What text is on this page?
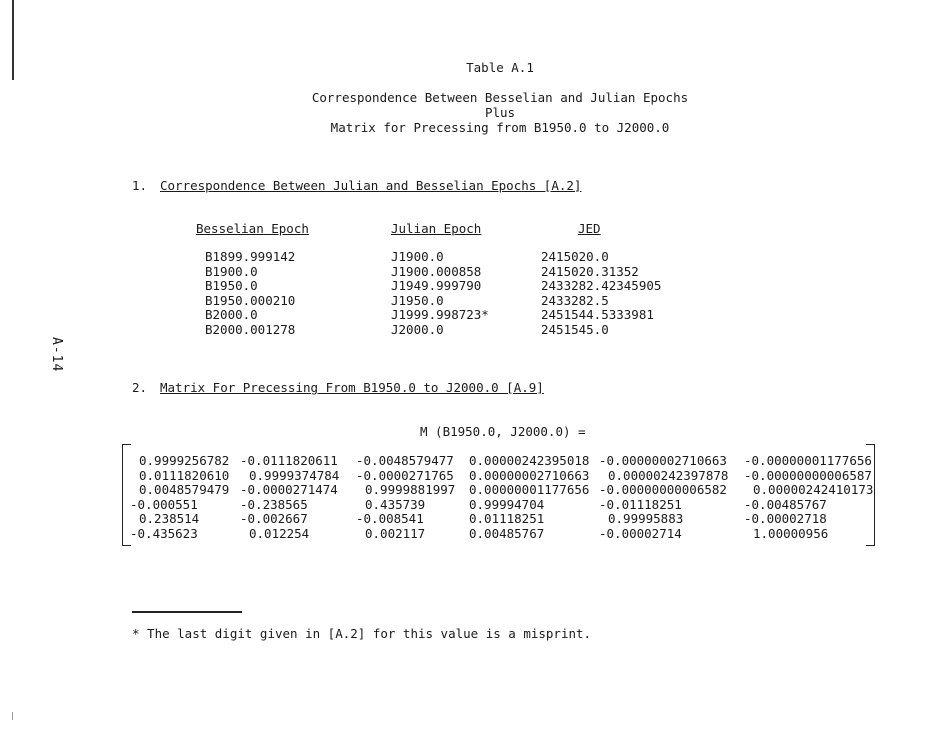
A-14
Table A.1
Correspondence Between Besselian and Julian Epochs
Plus
Matrix for Precessing from B1950.0 to J2000.0
1. Correspondence Between Julian and Besselian Epochs [A.2]
Besselian Epoch	Julian Epoch	JED
B1899.999142
B1900.0
B1950.0
B1950.000210
B2000.0
B2000.001278
J1900.0
J1900.000858
J1949.999790
J1950.0
J1999.998723*
J2000.0
2415020.0
2415020.31352
2433282.42345905
2433282.5
2451544.5333981
2451545.0
2. Matrix For Precessing From B1950.0 to J2000.0 [A.9]
M (B1950.0, J2000.0) =
0.9999256782
0.0111820610
0.0048579479
-0.000551
0.238514
-0.435623
-0.0111820611
0.9999374784
-0.0000271474
-0.238565
-0.002667
0.012254
-0.0048579477
-0.0000271765
0.9999881997
0.435739
-0.008541
0.002117
0.00000242395018
0.00000002710663
0.00000001177656
0.99994704
0.01118251
0.00485767
-0.00000002710663
0.00000242397878
-0.00000000006582
-0.01118251
0.99995883
-0.00002714
-0.00000001177656
-0.00000000006587
0.00000242410173
-0.00485767
-0.00002718
1.00000956
* The last digit given in [A.2] for this value is a misprint.
